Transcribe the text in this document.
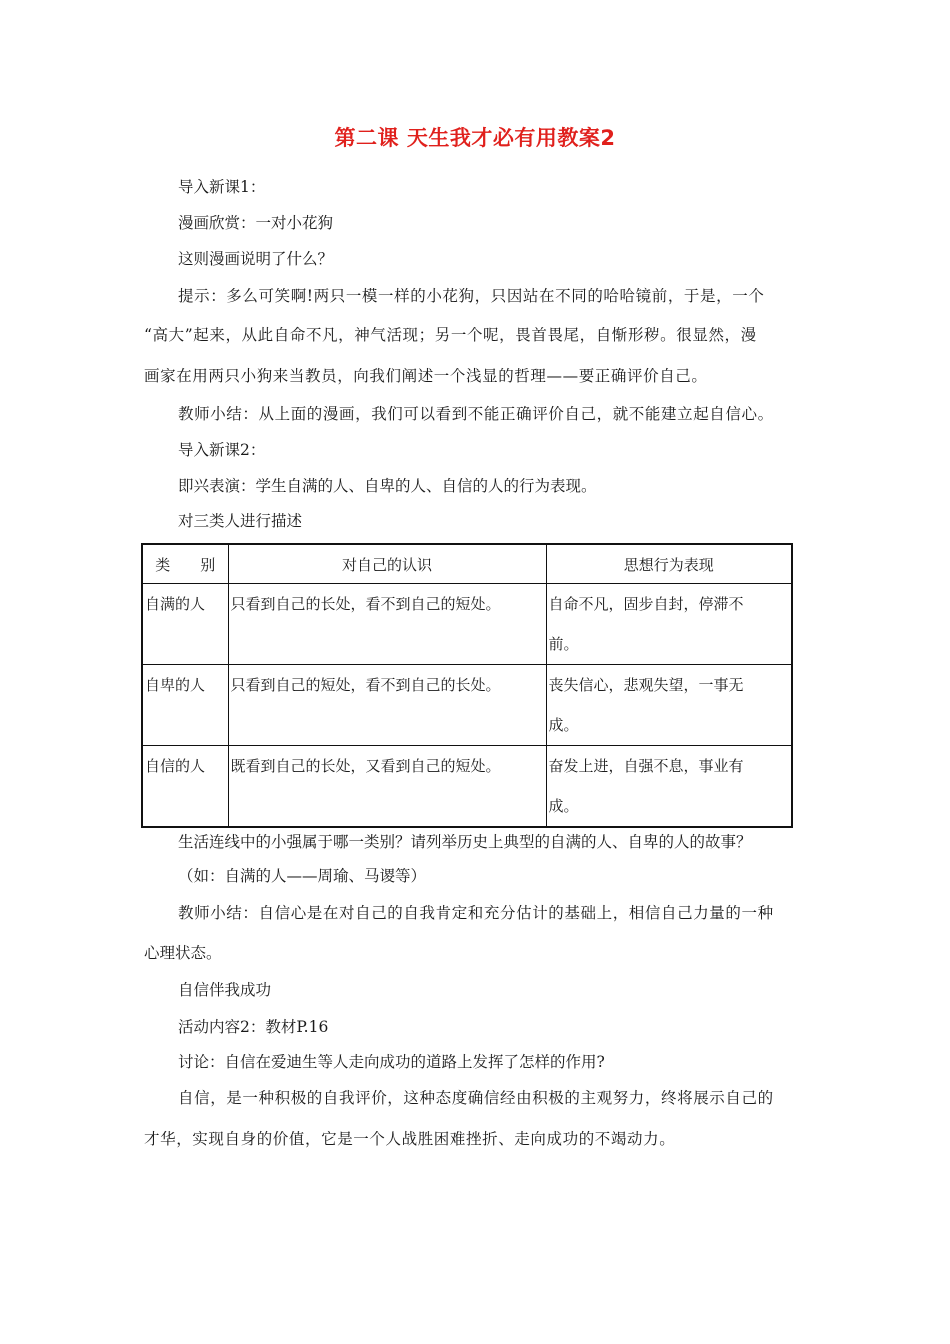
第二课 天生我才必有用教案2
导入新课1：
漫画欣赏：一对小花狗
这则漫画说明了什么？
提示：多么可笑啊!两只一模一样的小花狗，只因站在不同的哈哈镜前，于是，一个
“高大”起来，从此自命不凡，神气活现；另一个呢，畏首畏尾，自惭形秽。很显然，漫
画家在用两只小狗来当教员，向我们阐述一个浅显的哲理——要正确评价自己。
教师小结：从上面的漫画，我们可以看到不能正确评价自己，就不能建立起自信心。
导入新课2：
即兴表演：学生自满的人、自卑的人、自信的人的行为表现。
对三类人进行描述
类　　别	对自己的认识	思想行为表现
自满的人	只看到自己的长处，看不到自己的短处。	自命不凡，固步自封，停滞不
前。

自卑的人	只看到自己的短处，看不到自己的长处。	丧失信心，悲观失望，一事无
成。

自信的人	既看到自己的长处，又看到自己的短处。	奋发上进，自强不息，事业有
成。
生活连线中的小强属于哪一类别？请列举历史上典型的自满的人、自卑的人的故事？
（如：自满的人——周瑜、马谡等）
教师小结：自信心是在对自己的自我肯定和充分估计的基础上，相信自己力量的一种
心理状态。
自信伴我成功
活动内容2：教材P.16
讨论：自信在爱迪生等人走向成功的道路上发挥了怎样的作用?
自信，是一种积极的自我评价，这种态度确信经由积极的主观努力，终将展示自己的
才华，实现自身的价值，它是一个人战胜困难挫折、走向成功的不竭动力。
